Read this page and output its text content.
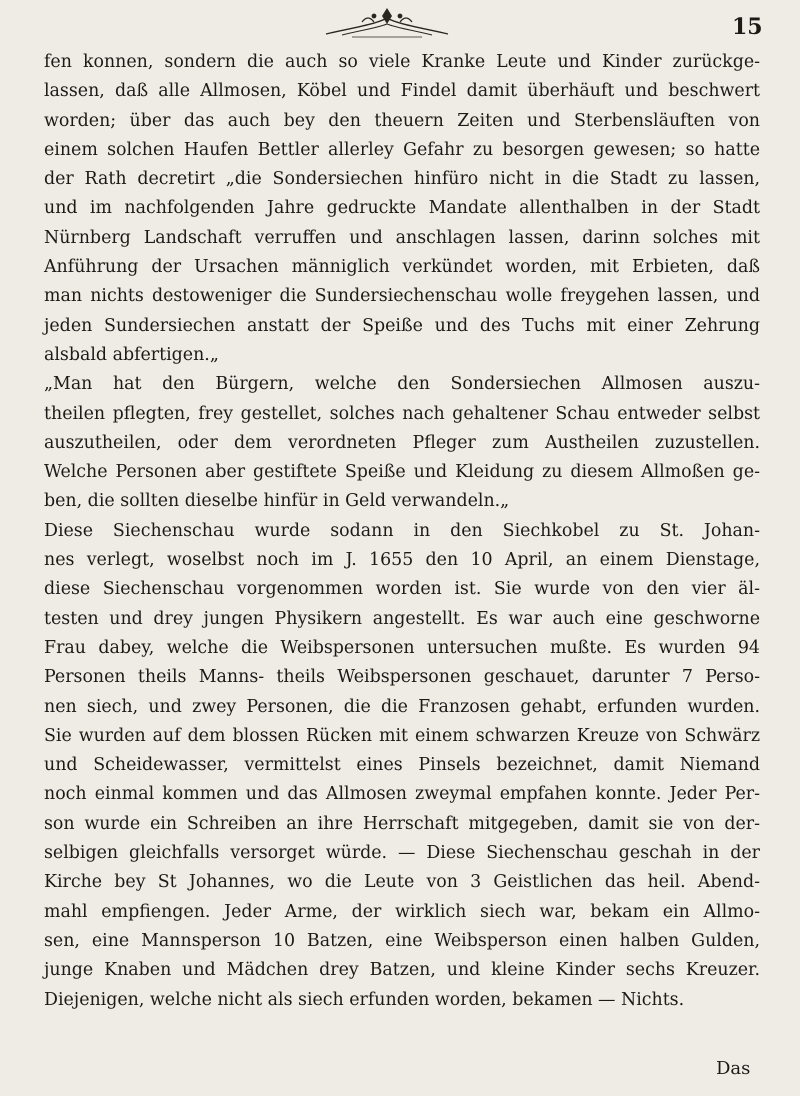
15
fen konnen, sondern die auch so viele Kranke Leute und Kinder zurückge-
lassen, daß alle Allmosen, Köbel und Findel damit überhäuft und beschwert
worden; über das auch bey den theuern Zeiten und Sterbensläuften von
einem solchen Haufen Bettler allerley Gefahr zu besorgen gewesen; so hatte
der Rath decretirt „die Sondersiechen hinfüro nicht in die Stadt zu lassen,
und im nachfolgenden Jahre gedruckte Mandate allenthalben in der Stadt
Nürnberg Landschaft verruffen und anschlagen lassen, darinn solches mit
Anführung der Ursachen männiglich verkündet worden, mit Erbieten, daß
man nichts destoweniger die Sundersiechenschau wolle freygehen lassen, und
jeden Sundersiechen anstatt der Speiße und des Tuchs mit einer Zehrung
alsbald abfertigen.„
„Man hat den Bürgern, welche den Sondersiechen Allmosen auszu-
theilen pflegten, frey gestellet, solches nach gehaltener Schau entweder selbst
auszutheilen, oder dem verordneten Pfleger zum Austheilen zuzustellen.
Welche Personen aber gestiftete Speiße und Kleidung zu diesem Allmoßen ge-
ben, die sollten dieselbe hinfür in Geld verwandeln.„
Diese Siechenschau wurde sodann in den Siechkobel zu St. Johan-
nes verlegt, woselbst noch im J. 1655 den 10 April, an einem Dienstage,
diese Siechenschau vorgenommen worden ist. Sie wurde von den vier äl-
testen und drey jungen Physikern angestellt. Es war auch eine geschworne
Frau dabey, welche die Weibspersonen untersuchen mußte. Es wurden 94
Personen theils Manns- theils Weibspersonen geschauet, darunter 7 Perso-
nen siech, und zwey Personen, die die Franzosen gehabt, erfunden wurden.
Sie wurden auf dem blossen Rücken mit einem schwarzen Kreuze von Schwärz
und Scheidewasser, vermittelst eines Pinsels bezeichnet, damit Niemand
noch einmal kommen und das Allmosen zweymal empfahen konnte. Jeder Per-
son wurde ein Schreiben an ihre Herrschaft mitgegeben, damit sie von der-
selbigen gleichfalls versorget würde. — Diese Siechenschau geschah in der
Kirche bey St Johannes, wo die Leute von 3 Geistlichen das heil. Abend-
mahl empfiengen. Jeder Arme, der wirklich siech war, bekam ein Allmo-
sen, eine Mannsperson 10 Batzen, eine Weibsperson einen halben Gulden,
junge Knaben und Mädchen drey Batzen, und kleine Kinder sechs Kreuzer.
Diejenigen, welche nicht als siech erfunden worden, bekamen — Nichts.
Das
